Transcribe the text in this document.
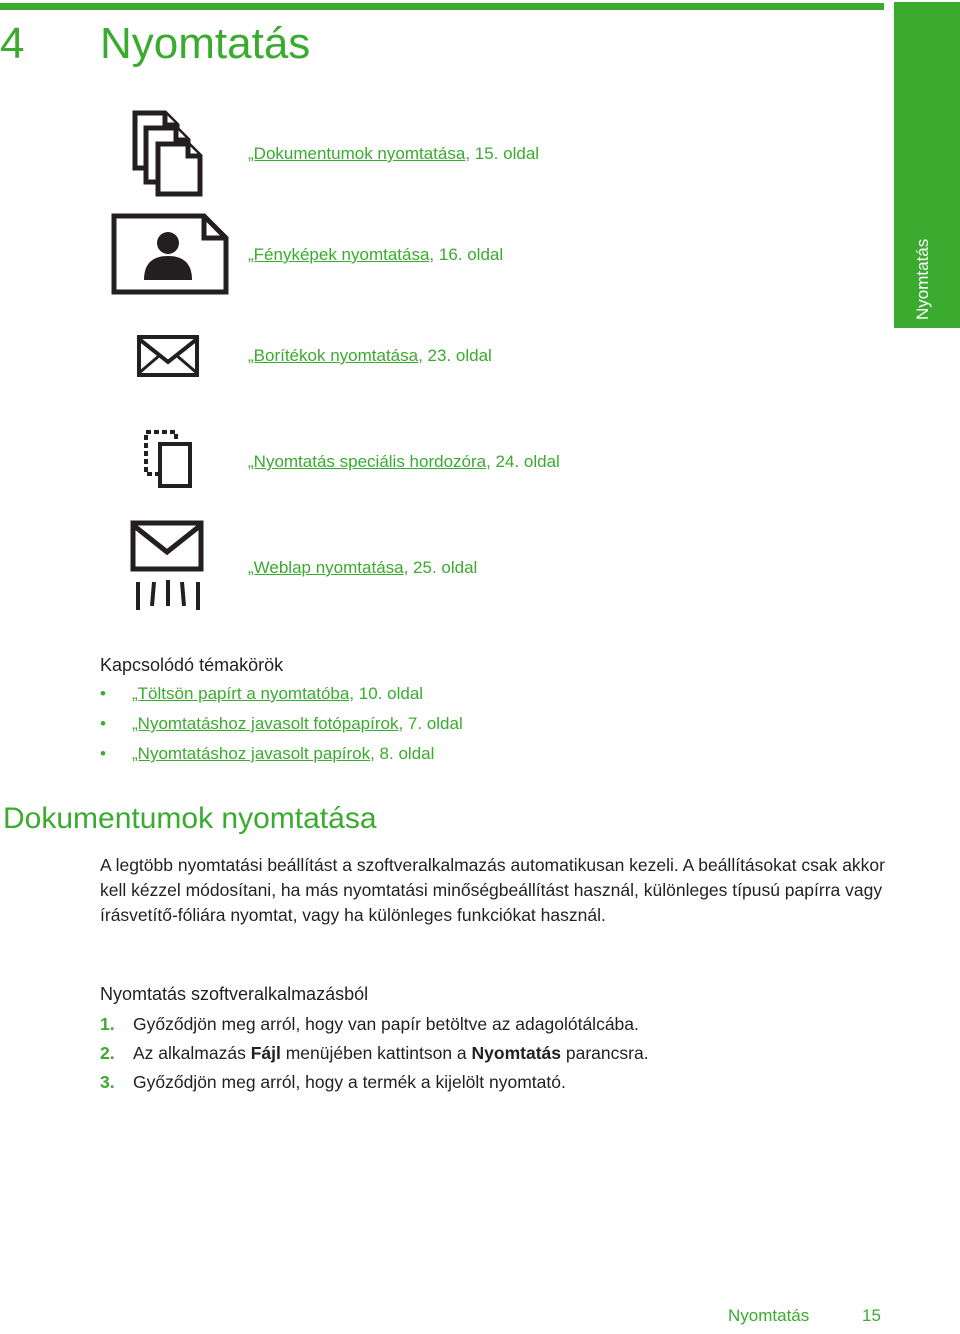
Nyomtatás
4 Nyomtatás
„Dokumentumok nyomtatása, 15. oldal
„Fényképek nyomtatása, 16. oldal
„Borítékok nyomtatása, 23. oldal
„Nyomtatás speciális hordozóra, 24. oldal
„Weblap nyomtatása, 25. oldal
Kapcsolódó témakörök
• „Töltsön papírt a nyomtatóba, 10. oldal
• „Nyomtatáshoz javasolt fotópapírok, 7. oldal
• „Nyomtatáshoz javasolt papírok, 8. oldal
Dokumentumok nyomtatása
A legtöbb nyomtatási beállítást a szoftveralkalmazás automatikusan kezeli. A beállításokat csak akkor kell kézzel módosítani, ha más nyomtatási minőségbeállítást használ, különleges típusú papírra vagy írásvetítő-fóliára nyomtat, vagy ha különleges funkciókat használ.
Nyomtatás szoftveralkalmazásból
1. Győződjön meg arról, hogy van papír betöltve az adagolótálcába.
2. Az alkalmazás Fájl menüjében kattintson a Nyomtatás parancsra.
3. Győződjön meg arról, hogy a termék a kijelölt nyomtató.
Nyomtatás	15
